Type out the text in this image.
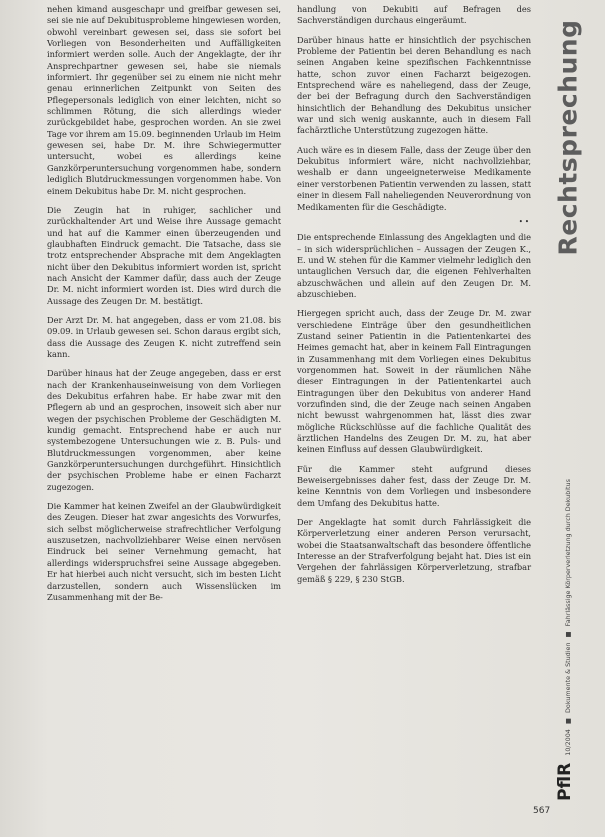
nehen kimand ausgeschapr und greifbar gewesen sei, sei sie nie auf Dekubitusprobleme hingewiesen worden, obwohl vereinbart gewesen sei, dass sie sofort bei Vorliegen von Besonderheiten und Auffälligkeiten informiert werden solle. Auch der Angeklagte, der ihr Ansprechpartner gewesen sei, habe sie niemals informiert. Ihr gegenüber sei zu einem nie nicht mehr genau erinnerlichen Zeitpunkt von Seiten des Pflegepersonals lediglich von einer leichten, nicht so schlimmen Rötung, die sich allerdings wieder zurückgebildet habe, gesprochen worden. An sie zwei Tage vor ihrem am 15.09. beginnenden Urlaub im Heim gewesen sei, habe Dr. M. ihre Schwiegermutter untersucht, wobei es allerdings keine Ganzkörperuntersuchung vorgenommen habe, sondern lediglich Blutdruckmessungen vorgenommen habe. Von einem Dekubitus habe Dr. M. nicht gesprochen.

Die Zeugin hat in ruhiger, sachlicher und zurückhaltender Art und Weise ihre Aussage gemacht und hat auf die Kammer einen überzeugenden und glaubhaften Eindruck gemacht. Die Tatsache, dass sie trotz entsprechender Absprache mit dem Angeklagten nicht über den Dekubitus informiert worden ist, spricht nach Ansicht der Kammer dafür, dass auch der Zeuge Dr. M. nicht informiert worden ist. Dies wird durch die Aussage des Zeugen Dr. M. bestätigt.

Der Arzt Dr. M. hat angegeben, dass er vom 21.08. bis 09.09. in Urlaub gewesen sei. Schon daraus ergibt sich, dass die Aussage des Zeugen K. nicht zutreffend sein kann.

Darüber hinaus hat der Zeuge angegeben, dass er erst nach der Krankenhauseinweisung von dem Vorliegen des Dekubitus erfahren habe. Er habe zwar mit den Pflegern ab und an gesprochen, insoweit sich aber nur wegen der psychischen Probleme der Geschädigten M. kundig gemacht. Entsprechend habe er auch nur systembezogene Untersuchungen wie z. B. Puls- und Blutdruckmessungen vorgenommen, aber keine Ganzkörperuntersuchungen durchgeführt. Hinsichtlich der psychischen Probleme habe er einen Facharzt zugezogen.

Die Kammer hat keinen Zweifel an der Glaubwürdigkeit des Zeugen. Dieser hat zwar angesichts des Vorwurfes, sich selbst möglicherweise strafrechtlicher Verfolgung auszusetzen, nachvollziehbarer Weise einen nervösen Eindruck bei seiner Vernehmung gemacht, hat allerdings widerspruchsfrei seine Aussage abgegeben. Er hat hierbei auch nicht versucht, sich im besten Licht darzustellen, sondern auch Wissenslücken im Zusammenhang mit der Be-

handlung von Dekubiti auf Befragen des Sachverständigen durchaus eingeräumt.

Darüber hinaus hatte er hinsichtlich der psychischen Probleme der Patientin bei deren Behandlung es nach seinen Angaben keine spezifischen Fachkenntnisse hatte, schon zuvor einen Facharzt beigezogen. Entsprechend wäre es naheliegend, dass der Zeuge, der bei der Befragung durch den Sachverständigen hinsichtlich der Behandlung des Dekubitus unsicher war und sich wenig auskannte, auch in diesem Fall fachärztliche Unterstützung zugezogen hätte.

Auch wäre es in diesem Falle, dass der Zeuge über den Dekubitus informiert wäre, nicht nachvollziehbar, weshalb er dann ungeeigneterweise Medikamente einer verstorbenen Patientin verwenden zu lassen, statt einer in diesem Fall naheliegenden Neuverordnung von Medikamenten für die Geschädigte.

••

Die entsprechende Einlassung des Angeklagten und die – in sich widersprüchlichen – Aussagen der Zeugen K., E. und W. stehen für die Kammer vielmehr lediglich den untauglichen Versuch dar, die eigenen Fehlverhalten abzuschwächen und allein auf den Zeugen Dr. M. abzuschieben.

Hiergegen spricht auch, dass der Zeuge Dr. M. zwar verschiedene Einträge über den gesundheitlichen Zustand seiner Patientin in die Patientenkartei des Heimes gemacht hat, aber in keinem Fall Eintragungen in Zusammenhang mit dem Vorliegen eines Dekubitus vorgenommen hat. Soweit in der räumlichen Nähe dieser Eintragungen in der Patientenkartei auch Eintragungen über den Dekubitus von anderer Hand vorzufinden sind, die der Zeuge nach seinen Angaben nicht bewusst wahrgenommen hat, lässt dies zwar mögliche Rückschlüsse auf die fachliche Qualität des ärztlichen Handelns des Zeugen Dr. M. zu, hat aber keinen Einfluss auf dessen Glaubwürdigkeit.

Für die Kammer steht aufgrund dieses Beweisergebnisses daher fest, dass der Zeuge Dr. M. keine Kenntnis von dem Vorliegen und insbesondere dem Umfang des Dekubitus hatte.

Der Angeklagte hat somit durch Fahrlässigkeit die Körperverletzung einer anderen Person verursacht, wobei die Staatsanwaltschaft das besondere öffentliche Interesse an der Strafverfolgung bejaht hat. Dies ist ein Vergehen der fahrlässigen Körperverletzung, strafbar gemäß § 229, § 230 StGB.

Rechtsprechung
PflR 10/2004 ■ Dokumente & Studien ■ Fahrlässige Körperverletzung durch Dekubitus
567
